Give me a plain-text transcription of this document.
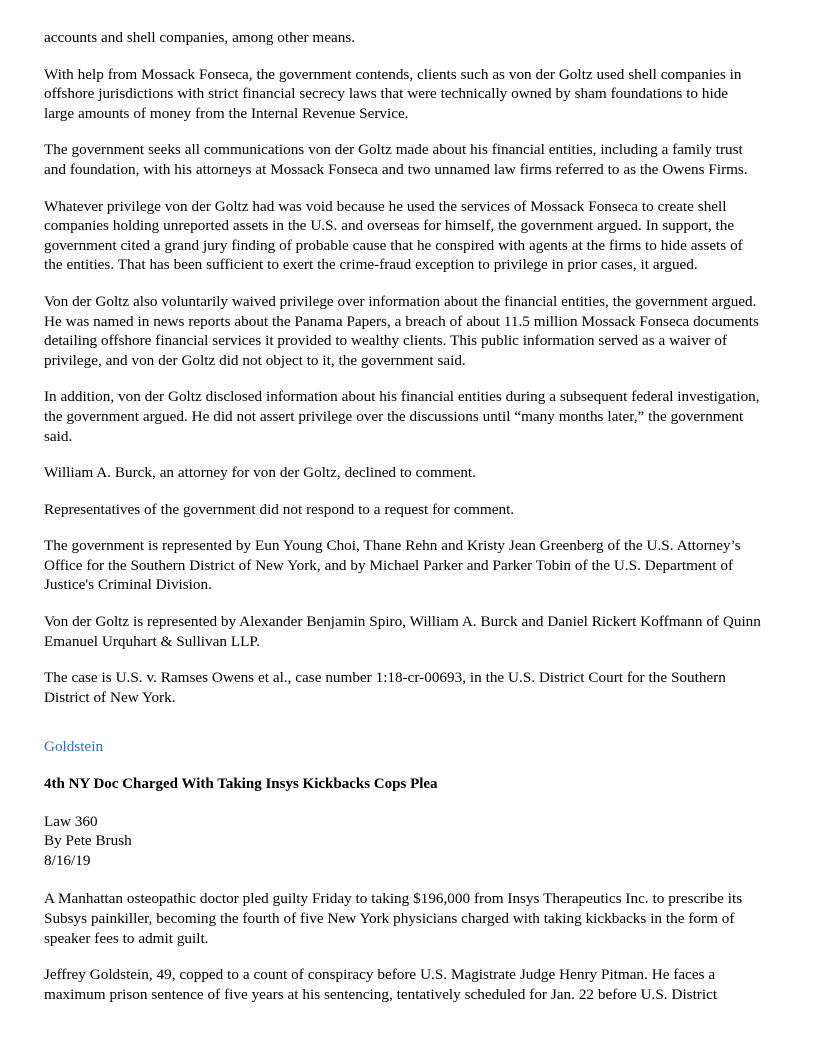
accounts and shell companies, among other means.

With help from Mossack Fonseca, the government contends, clients such as von der Goltz used shell companies in offshore jurisdictions with strict financial secrecy laws that were technically owned by sham foundations to hide large amounts of money from the Internal Revenue Service.

The government seeks all communications von der Goltz made about his financial entities, including a family trust and foundation, with his attorneys at Mossack Fonseca and two unnamed law firms referred to as the Owens Firms.

Whatever privilege von der Goltz had was void because he used the services of Mossack Fonseca to create shell companies holding unreported assets in the U.S. and overseas for himself, the government argued. In support, the government cited a grand jury finding of probable cause that he conspired with agents at the firms to hide assets of the entities. That has been sufficient to exert the crime-fraud exception to privilege in prior cases, it argued.

Von der Goltz also voluntarily waived privilege over information about the financial entities, the government argued. He was named in news reports about the Panama Papers, a breach of about 11.5 million Mossack Fonseca documents detailing offshore financial services it provided to wealthy clients. This public information served as a waiver of privilege, and von der Goltz did not object to it, the government said.

In addition, von der Goltz disclosed information about his financial entities during a subsequent federal investigation, the government argued. He did not assert privilege over the discussions until “many months later,” the government said.

William A. Burck, an attorney for von der Goltz, declined to comment.

Representatives of the government did not respond to a request for comment.

The government is represented by Eun Young Choi, Thane Rehn and Kristy Jean Greenberg of the U.S. Attorney’s Office for the Southern District of New York, and by Michael Parker and Parker Tobin of the U.S. Department of Justice's Criminal Division.

Von der Goltz is represented by Alexander Benjamin Spiro, William A. Burck and Daniel Rickert Koffmann of Quinn Emanuel Urquhart & Sullivan LLP.

The case is U.S. v. Ramses Owens et al., case number 1:18-cr-00693, in the U.S. District Court for the Southern District of New York.

Goldstein

4th NY Doc Charged With Taking Insys Kickbacks Cops Plea

Law 360
By Pete Brush
8/16/19

A Manhattan osteopathic doctor pled guilty Friday to taking $196,000 from Insys Therapeutics Inc. to prescribe its Subsys painkiller, becoming the fourth of five New York physicians charged with taking kickbacks in the form of speaker fees to admit guilt.

Jeffrey Goldstein, 49, copped to a count of conspiracy before U.S. Magistrate Judge Henry Pitman. He faces a maximum prison sentence of five years at his sentencing, tentatively scheduled for Jan. 22 before U.S. District
